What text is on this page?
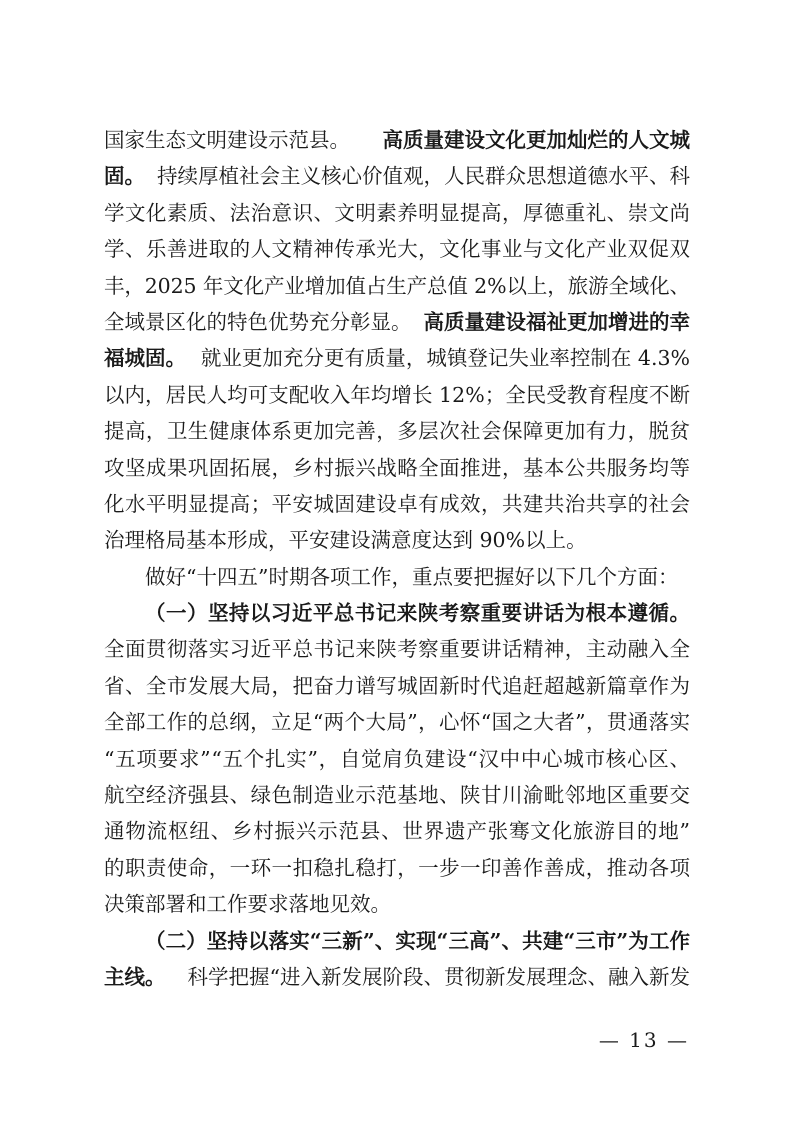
国家生态文明建设示范县。 高质量建设文化更加灿烂的人文城
固。 持续厚植社会主义核心价值观，人民群众思想道德水平、科
学文化素质、法治意识、文明素养明显提高，厚德重礼、崇文尚
学、乐善进取的人文精神传承光大，文化事业与文化产业双促双
丰，2025 年文化产业增加值占生产总值 2%以上，旅游全域化、
全域景区化的特色优势充分彰显。 高质量建设福祉更加增进的幸
福城固。 就业更加充分更有质量，城镇登记失业率控制在 4.3%
以内，居民人均可支配收入年均增长 12%；全民受教育程度不断
提高，卫生健康体系更加完善，多层次社会保障更加有力，脱贫
攻坚成果巩固拓展，乡村振兴战略全面推进，基本公共服务均等
化水平明显提高；平安城固建设卓有成效，共建共治共享的社会
治理格局基本形成，平安建设满意度达到 90%以上。
做好“十四五”时期各项工作，重点要把握好以下几个方面：
（一）坚持以习近平总书记来陕考察重要讲话为根本遵循。
全面贯彻落实习近平总书记来陕考察重要讲话精神，主动融入全
省、全市发展大局，把奋力谱写城固新时代追赶超越新篇章作为
全部工作的总纲，立足“两个大局”，心怀“国之大者”，贯通落实
“五项要求”“五个扎实”，自觉肩负建设“汉中中心城市核心区、
航空经济强县、绿色制造业示范基地、陕甘川渝毗邻地区重要交
通物流枢纽、乡村振兴示范县、世界遗产张骞文化旅游目的地”
的职责使命，一环一扣稳扎稳打，一步一印善作善成，推动各项
决策部署和工作要求落地见效。
（二）坚持以落实“三新”、实现“三高”、共建“三市”为工作
主线。 科学把握“进入新发展阶段、贯彻新发展理念、融入新发
— 13 —
